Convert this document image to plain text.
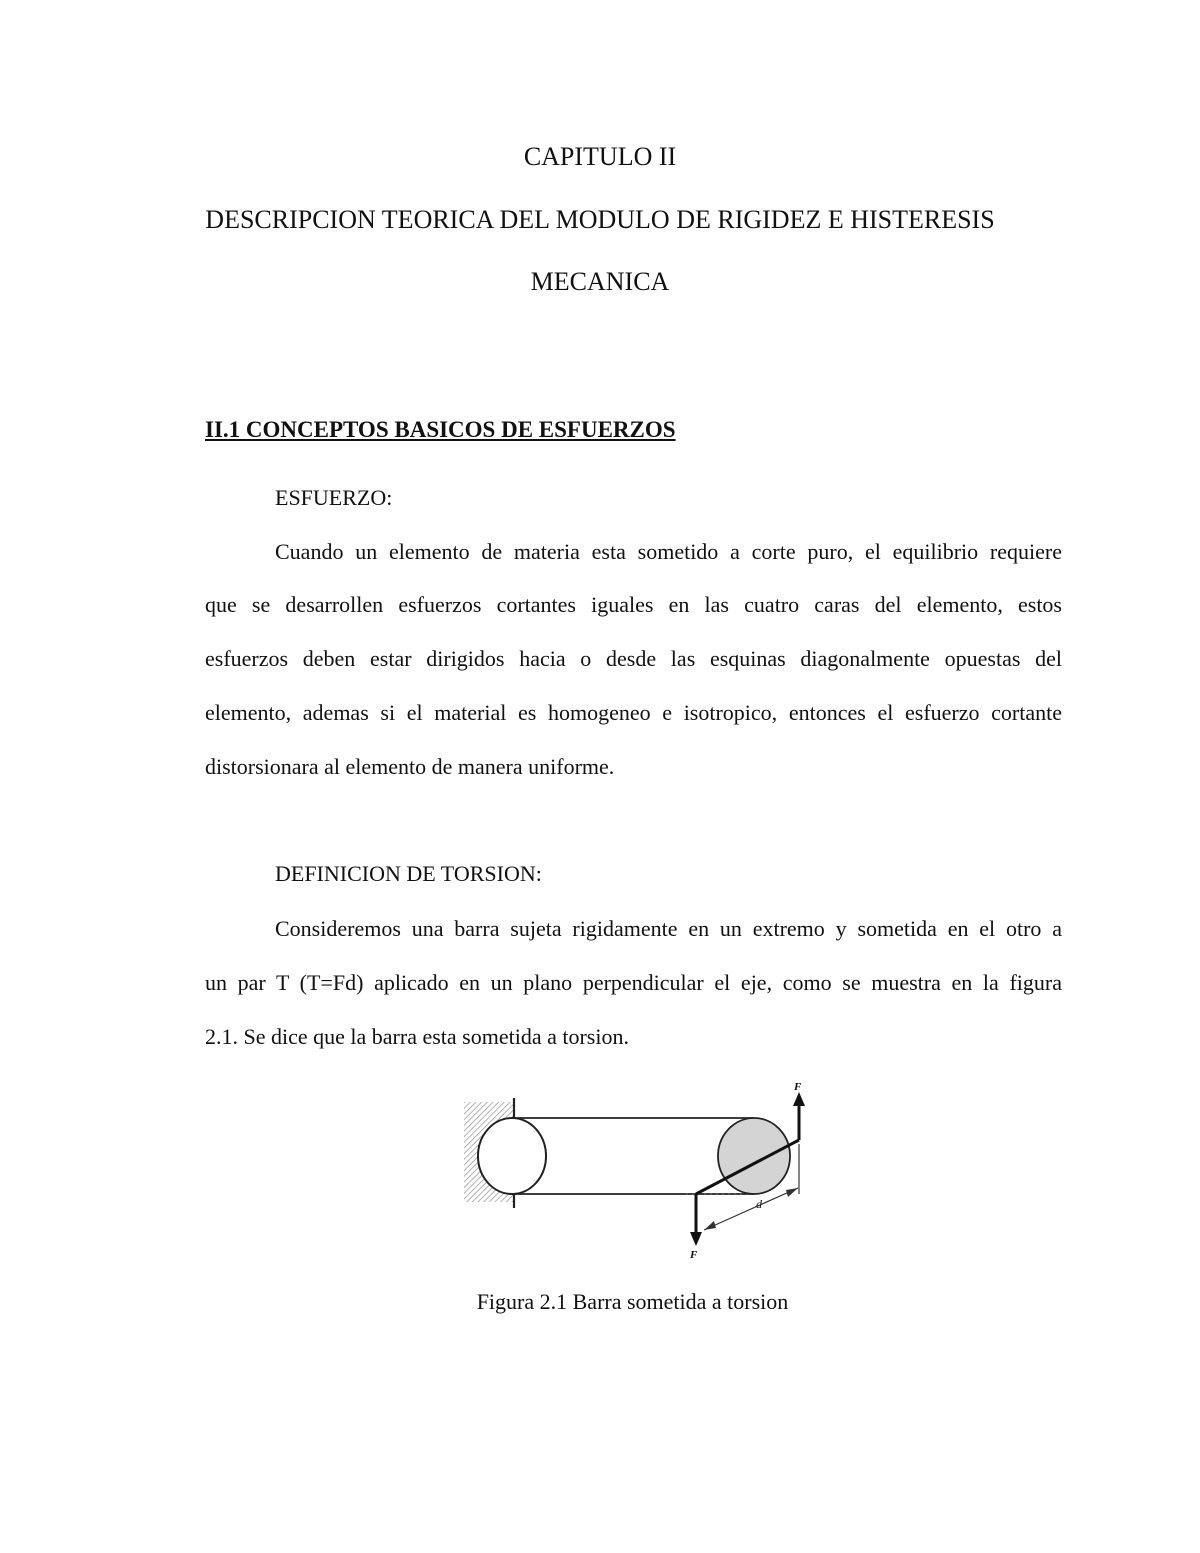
CAPITULO II
DESCRIPCION TEORICA DEL MODULO DE RIGIDEZ E HISTERESIS
MECANICA
II.1 CONCEPTOS BASICOS DE ESFUERZOS
ESFUERZO:
Cuando un elemento de materia esta sometido a corte puro, el equilibrio requiere
que se desarrollen esfuerzos cortantes iguales en las cuatro caras del elemento, estos
esfuerzos deben estar dirigidos hacia o desde las esquinas diagonalmente opuestas del
elemento, ademas si el material es homogeneo e isotropico, entonces el esfuerzo cortante
distorsionara al elemento de manera uniforme.
DEFINICION DE TORSION:
Consideremos una barra sujeta rigidamente en un extremo y sometida en el otro a
un par T (T=Fd) aplicado en un plano perpendicular el eje, como se muestra en la figura
2.1. Se dice que la barra esta sometida a torsion.
F
F
d
Figura 2.1 Barra sometida a torsion
